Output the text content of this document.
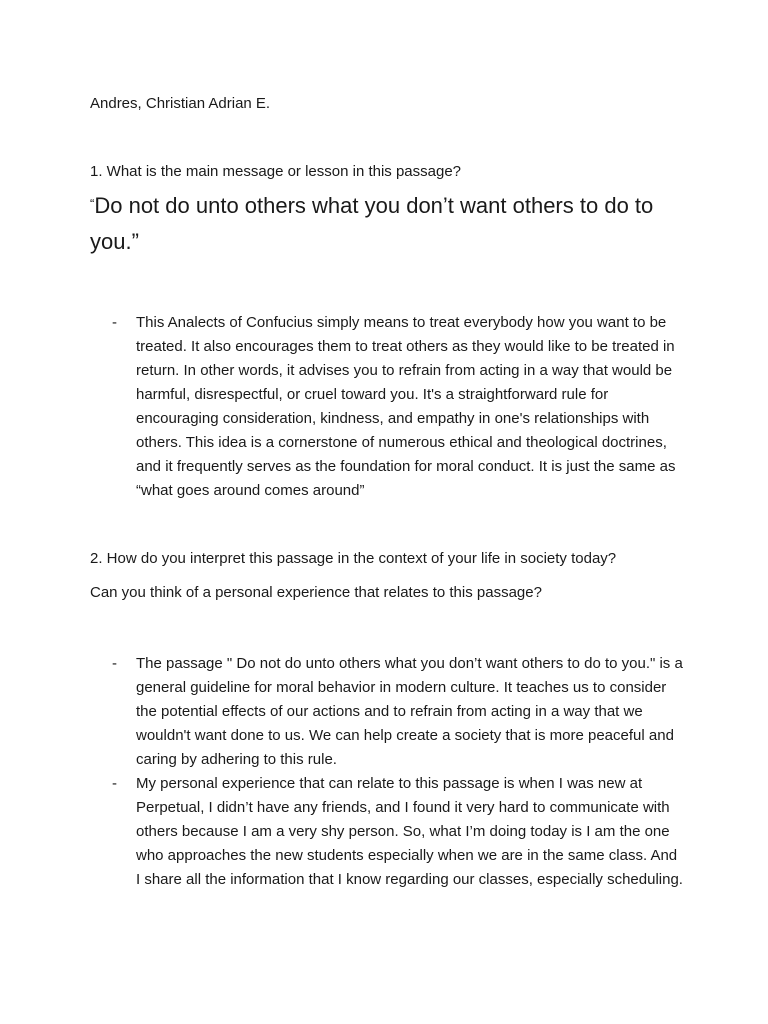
Andres, Christian Adrian E.
1. What is the main message or lesson in this passage?
“Do not do unto others what you don’t want others to do to you.”
- This Analects of Confucius simply means to treat everybody how you want to be treated. It also encourages them to treat others as they would like to be treated in return. In other words, it advises you to refrain from acting in a way that would be harmful, disrespectful, or cruel toward you. It's a straightforward rule for encouraging consideration, kindness, and empathy in one's relationships with others. This idea is a cornerstone of numerous ethical and theological doctrines, and it frequently serves as the foundation for moral conduct. It is just the same as “what goes around comes around”
2. How do you interpret this passage in the context of your life in society today?
Can you think of a personal experience that relates to this passage?
- The passage " Do not do unto others what you don’t want others to do to you." is a general guideline for moral behavior in modern culture. It teaches us to consider the potential effects of our actions and to refrain from acting in a way that we wouldn't want done to us. We can help create a society that is more peaceful and caring by adhering to this rule.
- My personal experience that can relate to this passage is when I was new at Perpetual, I didn’t have any friends, and I found it very hard to communicate with others because I am a very shy person. So, what I’m doing today is I am the one who approaches the new students especially when we are in the same class. And I share all the information that I know regarding our classes, especially scheduling.
